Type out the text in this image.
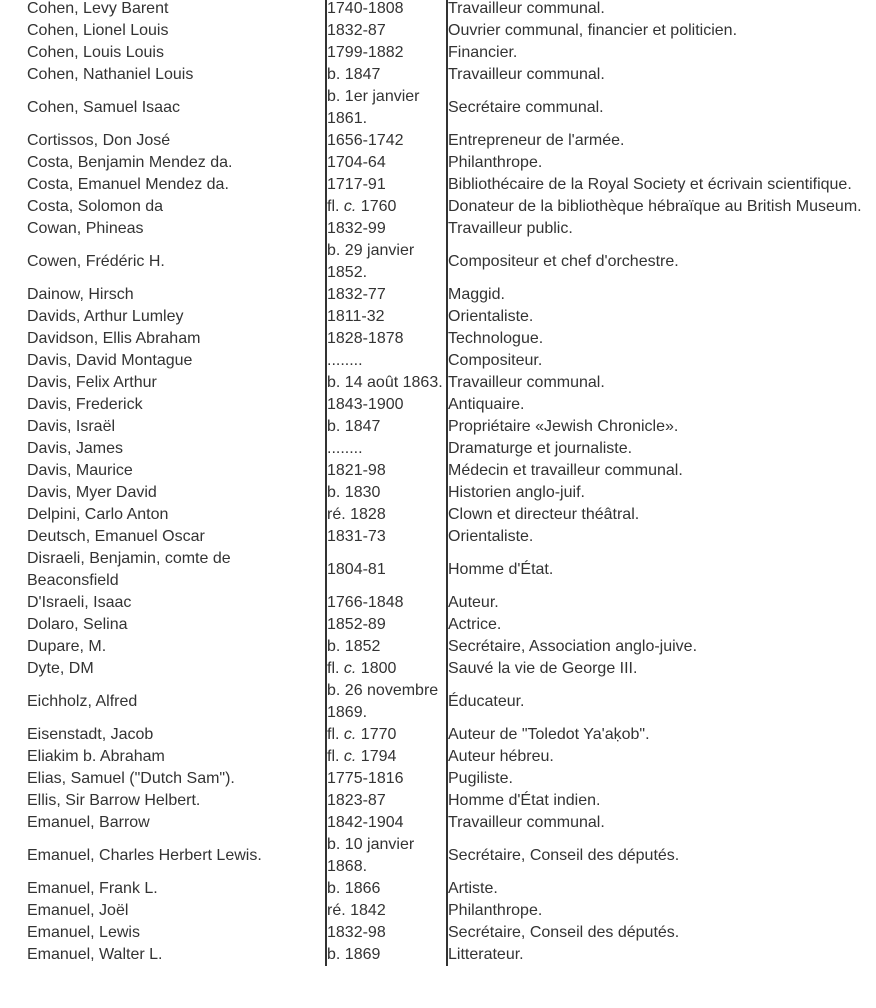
Cohen, Levy Barent	1740-1808	Travailleur communal.
Cohen, Lionel Louis	1832-87	Ouvrier communal, financier et politicien.
Cohen, Louis Louis	1799-1882	Financier.
Cohen, Nathaniel Louis	b. 1847	Travailleur communal.
Cohen, Samuel Isaac	b. 1er janvier 1861.	Secrétaire communal.
Cortissos, Don José	1656-1742	Entrepreneur de l'armée.
Costa, Benjamin Mendez da.	1704-64	Philanthrope.
Costa, Emanuel Mendez da.	1717-91	Bibliothécaire de la Royal Society et écrivain scientifique.
Costa, Solomon da	fl. c. 1760	Donateur de la bibliothèque hébraïque au British Museum.
Cowan, Phineas	1832-99	Travailleur public.
Cowen, Frédéric H.	b. 29 janvier 1852.	Compositeur et chef d'orchestre.
Dainow, Hirsch	1832-77	Maggid.
Davids, Arthur Lumley	1811-32	Orientaliste.
Davidson, Ellis Abraham	1828-1878	Technologue.
Davis, David Montague	........	Compositeur.
Davis, Felix Arthur	b. 14 août 1863.	Travailleur communal.
Davis, Frederick	1843-1900	Antiquaire.
Davis, Israël	b. 1847	Propriétaire «Jewish Chronicle».
Davis, James	........	Dramaturge et journaliste.
Davis, Maurice	1821-98	Médecin et travailleur communal.
Davis, Myer David	b. 1830	Historien anglo-juif.
Delpini, Carlo Anton	ré. 1828	Clown et directeur théâtral.
Deutsch, Emanuel Oscar	1831-73	Orientaliste.
Disraeli, Benjamin, comte de Beaconsfield	1804-81	Homme d'État.
D'Israeli, Isaac	1766-1848	Auteur.
Dolaro, Selina	1852-89	Actrice.
Dupare, M.	b. 1852	Secrétaire, Association anglo-juive.
Dyte, DM	fl. c. 1800	Sauvé la vie de George III.
Eichholz, Alfred	b. 26 novembre 1869.	Éducateur.
Eisenstadt, Jacob	fl. c. 1770	Auteur de "Toledot Ya'aḳob".
Eliakim b. Abraham	fl. c. 1794	Auteur hébreu.
Elias, Samuel ("Dutch Sam").	1775-1816	Pugiliste.
Ellis, Sir Barrow Helbert.	1823-87	Homme d'État indien.
Emanuel, Barrow	1842-1904	Travailleur communal.
Emanuel, Charles Herbert Lewis.	b. 10 janvier 1868.	Secrétaire, Conseil des députés.
Emanuel, Frank L.	b. 1866	Artiste.
Emanuel, Joël	ré. 1842	Philanthrope.
Emanuel, Lewis	1832-98	Secrétaire, Conseil des députés.
Emanuel, Walter L.	b. 1869	Litterateur.
